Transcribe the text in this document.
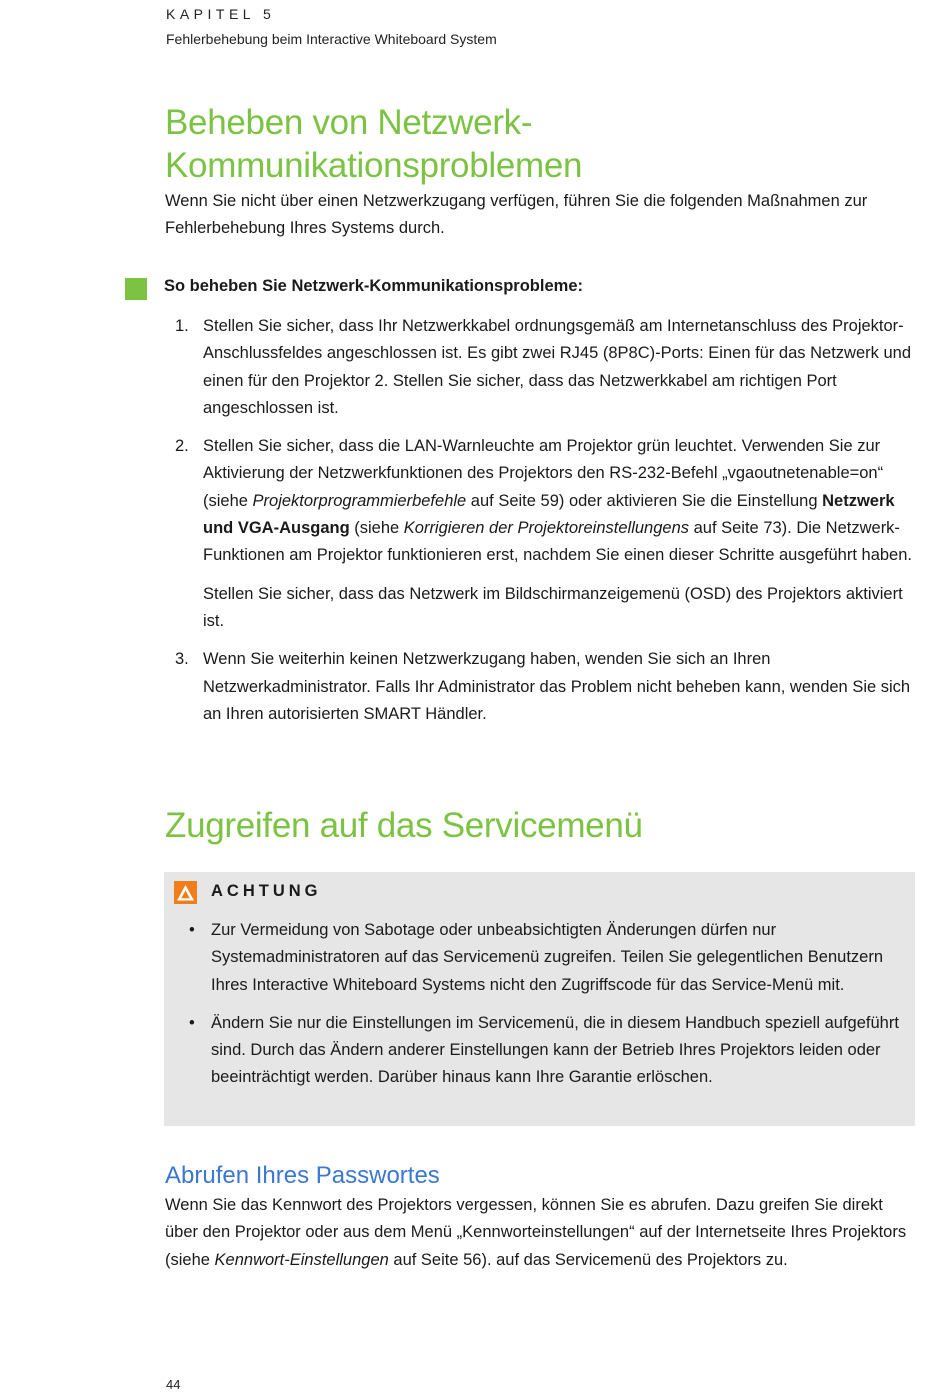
KAPITEL 5
Fehlerbehebung beim Interactive Whiteboard System
Beheben von Netzwerk-
Kommunikationsproblemen

Wenn Sie nicht über einen Netzwerkzugang verfügen, führen Sie die folgenden Maßnahmen zur Fehlerbehebung Ihres Systems durch.

So beheben Sie Netzwerk-Kommunikationsprobleme:

1. Stellen Sie sicher, dass Ihr Netzwerkkabel ordnungsgemäß am Internetanschluss des Projektor-Anschlussfeldes angeschlossen ist. Es gibt zwei RJ45 (8P8C)-Ports: Einen für das Netzwerk und einen für den Projektor 2. Stellen Sie sicher, dass das Netzwerkkabel am richtigen Port angeschlossen ist.

2. Stellen Sie sicher, dass die LAN-Warnleuchte am Projektor grün leuchtet. Verwenden Sie zur Aktivierung der Netzwerkfunktionen des Projektors den RS-232-Befehl „vgaoutnetenable=on“ (siehe Projektorprogrammierbefehle auf Seite 59) oder aktivieren Sie die Einstellung Netzwerk und VGA-Ausgang (siehe Korrigieren der Projektoreinstellungens auf Seite 73). Die Netzwerk-Funktionen am Projektor funktionieren erst, nachdem Sie einen dieser Schritte ausgeführt haben.

Stellen Sie sicher, dass das Netzwerk im Bildschirmanzeigemenü (OSD) des Projektors aktiviert ist.

3. Wenn Sie weiterhin keinen Netzwerkzugang haben, wenden Sie sich an Ihren Netzwerkadministrator. Falls Ihr Administrator das Problem nicht beheben kann, wenden Sie sich an Ihren autorisierten SMART Händler.

Zugreifen auf das Servicemenü
ACHTUNG
• Zur Vermeidung von Sabotage oder unbeabsichtigten Änderungen dürfen nur Systemadministratoren auf das Servicemenü zugreifen. Teilen Sie gelegentlichen Benutzern Ihres Interactive Whiteboard Systems nicht den Zugriffscode für das Service-Menü mit.
• Ändern Sie nur die Einstellungen im Servicemenü, die in diesem Handbuch speziell aufgeführt sind. Durch das Ändern anderer Einstellungen kann der Betrieb Ihres Projektors leiden oder beeinträchtigt werden. Darüber hinaus kann Ihre Garantie erlöschen.
Abrufen Ihres Passwortes

Wenn Sie das Kennwort des Projektors vergessen, können Sie es abrufen. Dazu greifen Sie direkt über den Projektor oder aus dem Menü „Kennworteinstellungen“ auf der Internetseite Ihres Projektors (siehe Kennwort-Einstellungen auf Seite 56). auf das Servicemenü des Projektors zu.

44
